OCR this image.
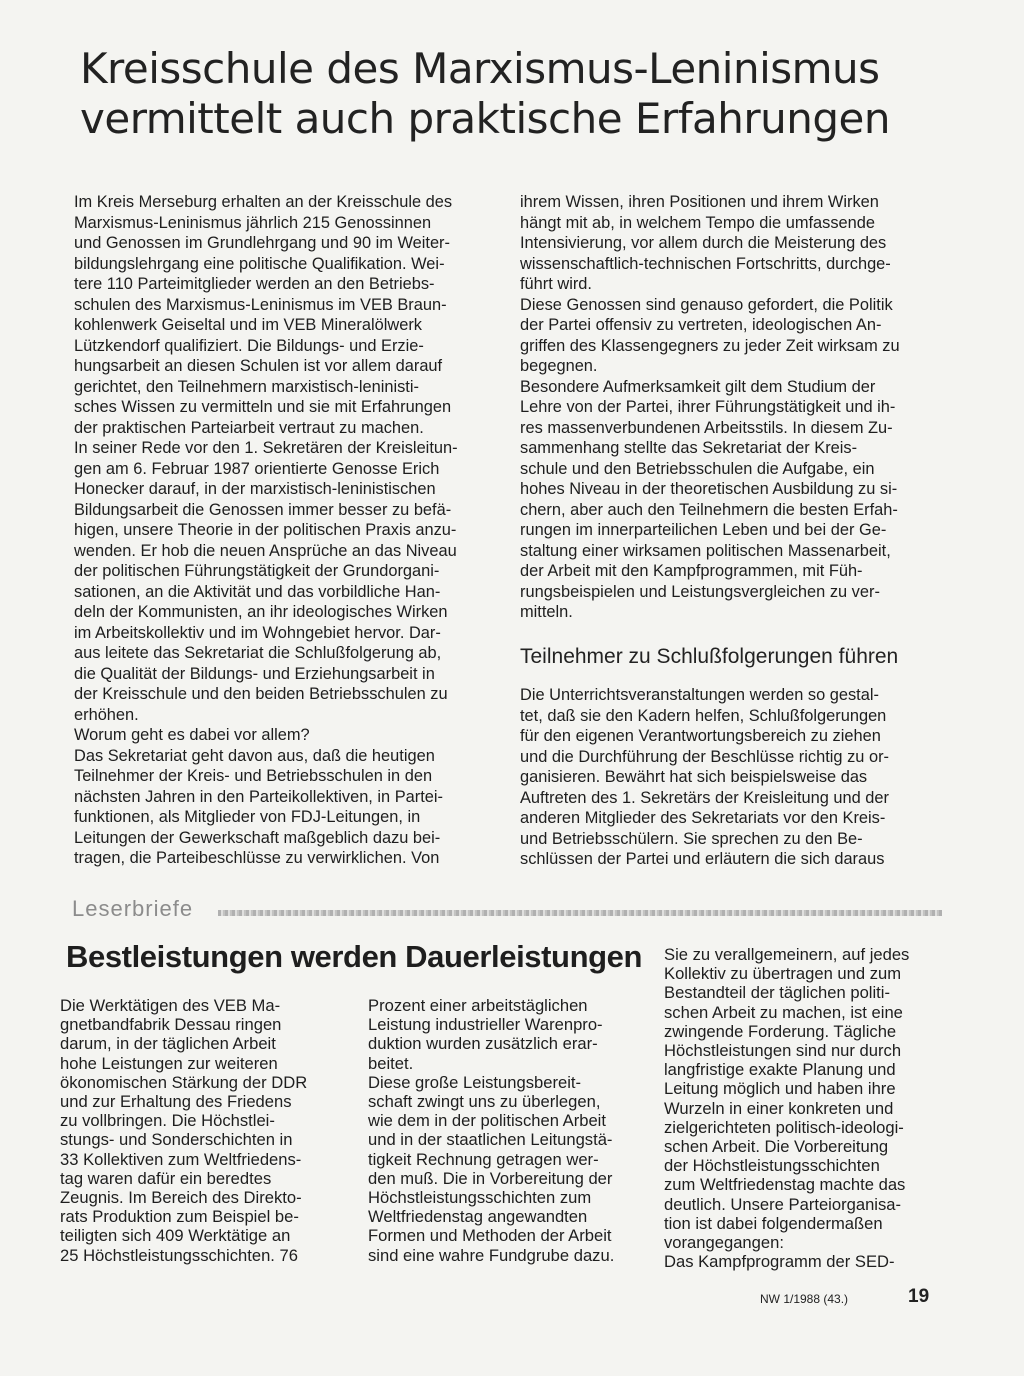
Kreisschule des Marxismus-Leninismus
vermittelt auch praktische Erfahrungen
Im Kreis Merseburg erhalten an der Kreisschule des
Marxismus-Leninismus jährlich 215 Genossinnen
und Genossen im Grundlehrgang und 90 im Weiter-
bildungslehrgang eine politische Qualifikation. Wei-
tere 110 Parteimitglieder werden an den Betriebs-
schulen des Marxismus-Leninismus im VEB Braun-
kohlenwerk Geiseltal und im VEB Mineralölwerk
Lützkendorf qualifiziert. Die Bildungs- und Erzie-
hungsarbeit an diesen Schulen ist vor allem darauf
gerichtet, den Teilnehmern marxistisch-leninisti-
sches Wissen zu vermitteln und sie mit Erfahrungen
der praktischen Parteiarbeit vertraut zu machen.
In seiner Rede vor den 1. Sekretären der Kreisleitun-
gen am 6. Februar 1987 orientierte Genosse Erich
Honecker darauf, in der marxistisch-leninistischen
Bildungsarbeit die Genossen immer besser zu befä-
higen, unsere Theorie in der politischen Praxis anzu-
wenden. Er hob die neuen Ansprüche an das Niveau
der politischen Führungstätigkeit der Grundorgani-
sationen, an die Aktivität und das vorbildliche Han-
deln der Kommunisten, an ihr ideologisches Wirken
im Arbeitskollektiv und im Wohngebiet hervor. Dar-
aus leitete das Sekretariat die Schlußfolgerung ab,
die Qualität der Bildungs- und Erziehungsarbeit in
der Kreisschule und den beiden Betriebsschulen zu
erhöhen.
Worum geht es dabei vor allem?
Das Sekretariat geht davon aus, daß die heutigen
Teilnehmer der Kreis- und Betriebsschulen in den
nächsten Jahren in den Parteikollektiven, in Partei-
funktionen, als Mitglieder von FDJ-Leitungen, in
Leitungen der Gewerkschaft maßgeblich dazu bei-
tragen, die Parteibeschlüsse zu verwirklichen. Von
ihrem Wissen, ihren Positionen und ihrem Wirken
hängt mit ab, in welchem Tempo die umfassende
Intensivierung, vor allem durch die Meisterung des
wissenschaftlich-technischen Fortschritts, durchge-
führt wird.
Diese Genossen sind genauso gefordert, die Politik
der Partei offensiv zu vertreten, ideologischen An-
griffen des Klassengegners zu jeder Zeit wirksam zu
begegnen.
Besondere Aufmerksamkeit gilt dem Studium der
Lehre von der Partei, ihrer Führungstätigkeit und ih-
res massenverbundenen Arbeitsstils. In diesem Zu-
sammenhang stellte das Sekretariat der Kreis-
schule und den Betriebsschulen die Aufgabe, ein
hohes Niveau in der theoretischen Ausbildung zu si-
chern, aber auch den Teilnehmern die besten Erfah-
rungen im innerparteilichen Leben und bei der Ge-
staltung einer wirksamen politischen Massenarbeit,
der Arbeit mit den Kampfprogrammen, mit Füh-
rungsbeispielen und Leistungsvergleichen zu ver-
mitteln.
Teilnehmer zu Schlußfolgerungen führen
Die Unterrichtsveranstaltungen werden so gestal-
tet, daß sie den Kadern helfen, Schlußfolgerungen
für den eigenen Verantwortungsbereich zu ziehen
und die Durchführung der Beschlüsse richtig zu or-
ganisieren. Bewährt hat sich beispielsweise das
Auftreten des 1. Sekretärs der Kreisleitung und der
anderen Mitglieder des Sekretariats vor den Kreis-
und Betriebsschülern. Sie sprechen zu den Be-
schlüssen der Partei und erläutern die sich daraus
Leserbriefe
Bestleistungen werden Dauerleistungen
Die Werktätigen des VEB Ma-
gnetbandfabrik Dessau ringen
darum, in der täglichen Arbeit
hohe Leistungen zur weiteren
ökonomischen Stärkung der DDR
und zur Erhaltung des Friedens
zu vollbringen. Die Höchstlei-
stungs- und Sonderschichten in
33 Kollektiven zum Weltfriedens-
tag waren dafür ein beredtes
Zeugnis. Im Bereich des Direkto-
rats Produktion zum Beispiel be-
teiligten sich 409 Werktätige an
25 Höchstleistungsschichten. 76
Prozent einer arbeitstäglichen
Leistung industrieller Warenpro-
duktion wurden zusätzlich erar-
beitet.
Diese große Leistungsbereit-
schaft zwingt uns zu überlegen,
wie dem in der politischen Arbeit
und in der staatlichen Leitungstä-
tigkeit Rechnung getragen wer-
den muß. Die in Vorbereitung der
Höchstleistungsschichten zum
Weltfriedenstag angewandten
Formen und Methoden der Arbeit
sind eine wahre Fundgrube dazu.
Sie zu verallgemeinern, auf jedes
Kollektiv zu übertragen und zum
Bestandteil der täglichen politi-
schen Arbeit zu machen, ist eine
zwingende Forderung. Tägliche
Höchstleistungen sind nur durch
langfristige exakte Planung und
Leitung möglich und haben ihre
Wurzeln in einer konkreten und
zielgerichteten politisch-ideologi-
schen Arbeit. Die Vorbereitung
der Höchstleistungsschichten
zum Weltfriedenstag machte das
deutlich. Unsere Parteiorganisa-
tion ist dabei folgendermaßen
vorangegangen:
Das Kampfprogramm der SED-
NW 1/1988 (43.)	19
